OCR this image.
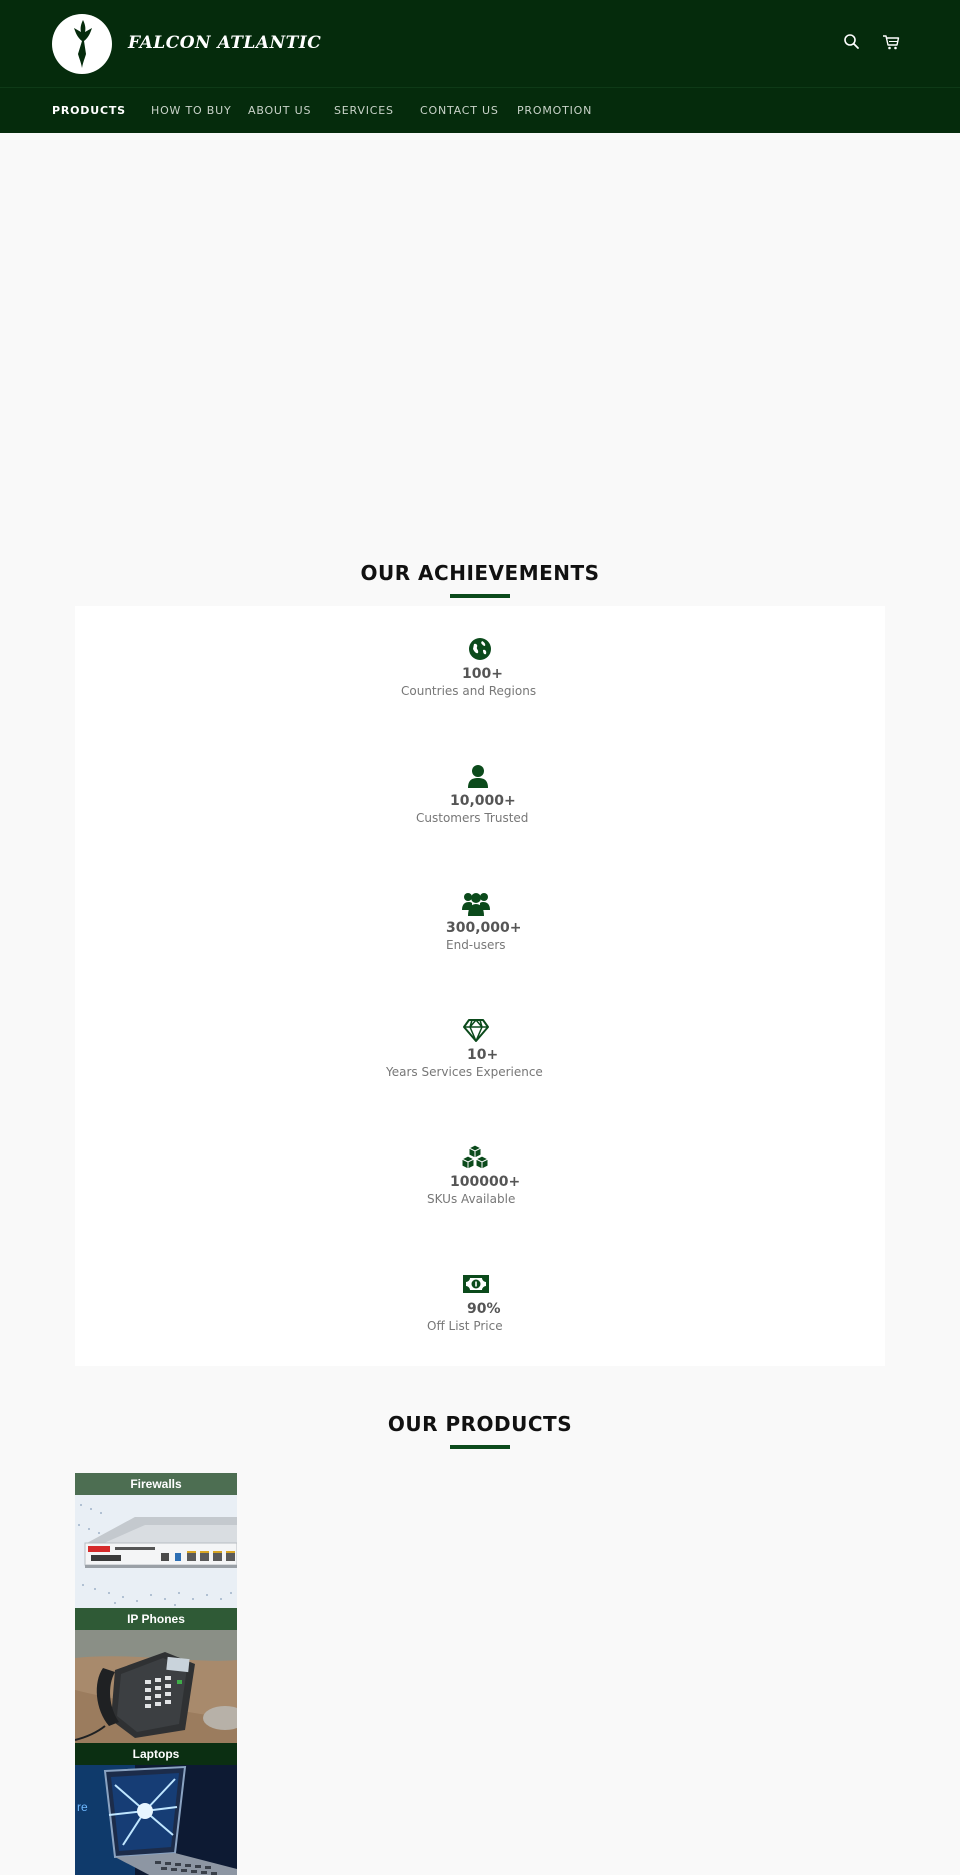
FALCON ATLANTIC
PRODUCTS HOW TO BUY ABOUT US SERVICES CONTACT US PROMOTION
OUR ACHIEVEMENTS
100+
Countries and Regions
10,000+
Customers Trusted
300,000+
End-users
10+
Years Services Experience
100000+
SKUs Available
90%
Off List Price
OUR PRODUCTS
Firewalls
IP Phones
Laptops
re
